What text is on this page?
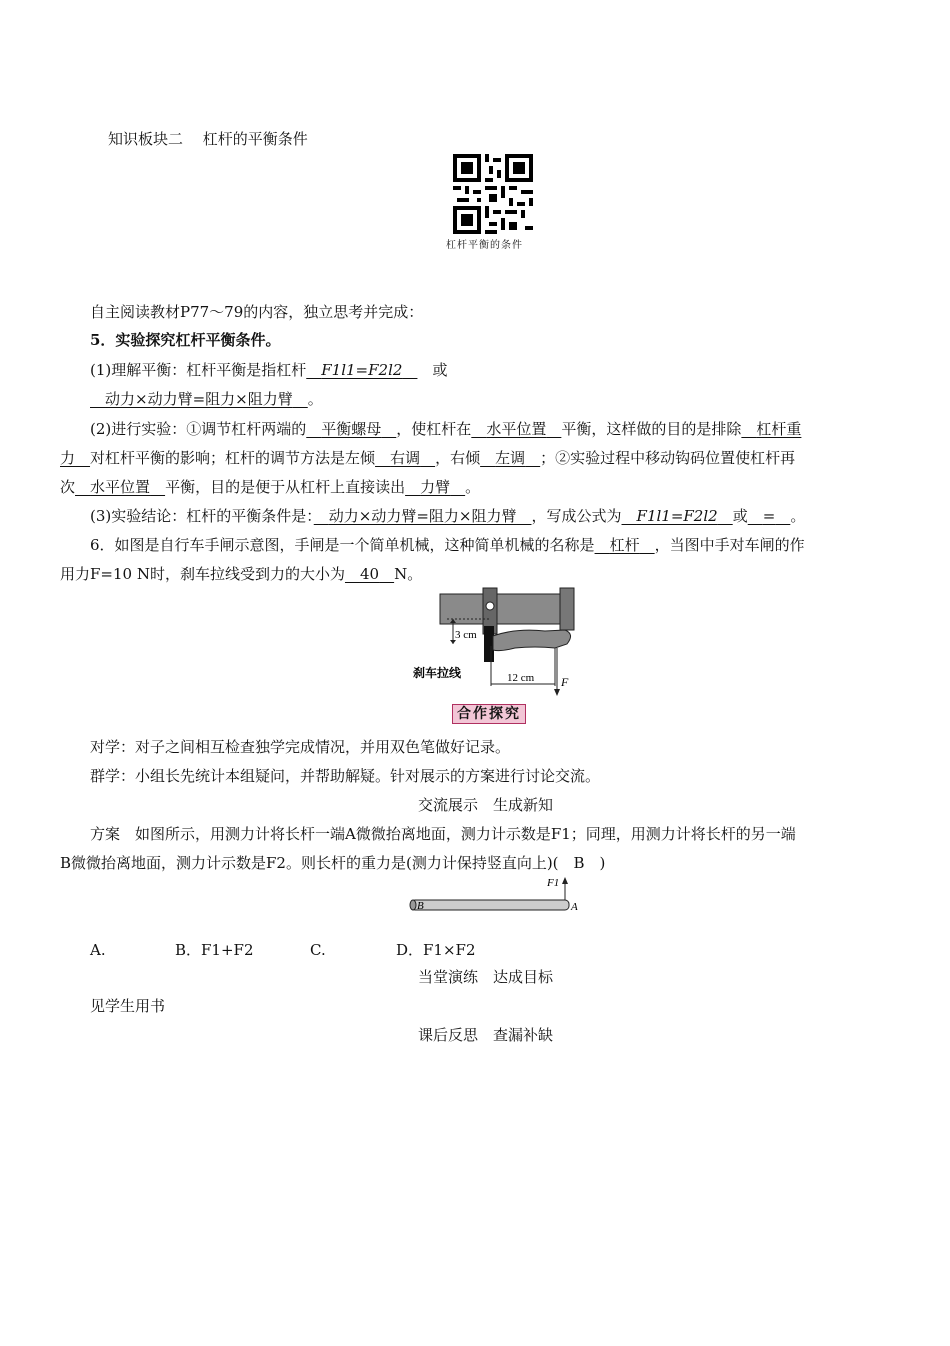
知识板块二　 杠杆的平衡条件
杠杆平衡的条件
自主阅读教材P77～79的内容，独立思考并完成：
5．实验探究杠杆平衡条件。
(1)理解平衡：杠杆平衡是指杠杆　 F1l1=F2l2　　 或
　动力×动力臂=阻力×阻力臂　 。
(2)进行实验：①调节杠杆两端的　 平衡螺母　 ，使杠杆在　 水平位置　 平衡，这样做的目的是排除　 杠杆重
力　 对杠杆平衡的影响；杠杆的调节方法是左倾　 右调　 ，右倾　 左调　 ；②实验过程中移动钩码位置使杠杆再
次　 水平位置　 平衡，目的是便于从杠杆上直接读出　 力臂　 。
(3)实验结论：杠杆的平衡条件是：　 动力×动力臂=阻力×阻力臂　 ，写成公式为　 F1l1=F2l2　 或　 =　 。
6．如图是自行车手闸示意图，手闸是一个简单机械，这种简单机械的名称是　 杠杆　 ，当图中手对车闸的作
用力F=10 N时，刹车拉线受到力的大小为　 40　 N。
3 cm
12 cm
刹车拉线
F
合作探究
对学：对子之间相互检查独学完成情况，并用双色笔做好记录。
群学：小组长先统计本组疑问，并帮助解疑。针对展示的方案进行讨论交流。
交流展示　生成新知
方案　如图所示，用测力计将长杆一端A微微抬离地面，测力计示数是F1；同理，用测力计将长杆的另一端
B微微抬离地面，测力计示数是F2。则长杆的重力是(测力计保持竖直向上)(　B　)
F1
A
B
A.	B．F1+F2	C.	D．F1×F2
当堂演练　达成目标
见学生用书
课后反思　查漏补缺
